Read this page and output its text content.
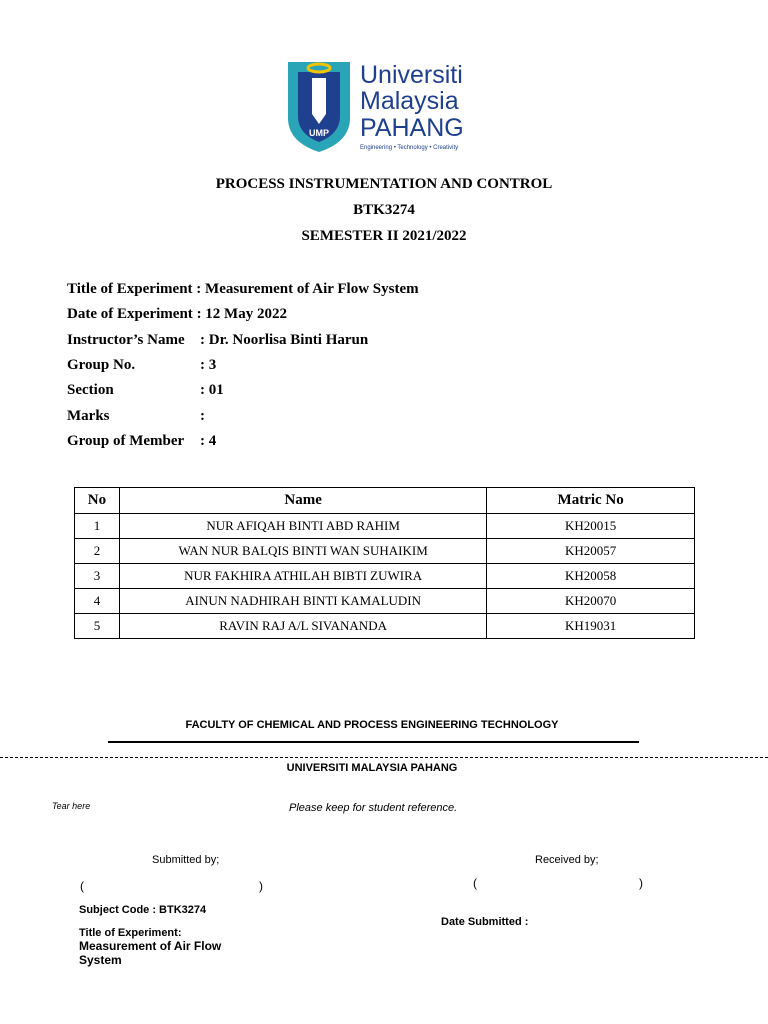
UMP
Universiti
Malaysia
PAHANG
Engineering • Technology • Creativity
PROCESS INSTRUMENTATION AND CONTROL
BTK3274
SEMESTER II 2021/2022
Title of Experiment
: Measurement of Air Flow System
Date of Experiment
: 12 May 2022
Instructor’s Name	: Dr. Noorlisa Binti Harun
Group No.	: 3
Section	: 01
Marks	:
Group of Member	: 4
No	Name	Matric No
1	NUR AFIQAH BINTI ABD RAHIM	KH20015
2	WAN NUR BALQIS BINTI WAN SUHAIKIM	KH20057
3	NUR FAKHIRA ATHILAH BIBTI ZUWIRA	KH20058
4	AINUN NADHIRAH BINTI KAMALUDIN	KH20070
5	RAVIN RAJ A/L SIVANANDA	KH19031
FACULTY OF CHEMICAL AND PROCESS ENGINEERING TECHNOLOGY
UNIVERSITI MALAYSIA PAHANG
Tear here	Please keep for student reference.
Submitted by;	Received by;
(	)	(	)
Subject Code : BTK3274
Date Submitted :
Title of Experiment:
Measurement of Air Flow
System
